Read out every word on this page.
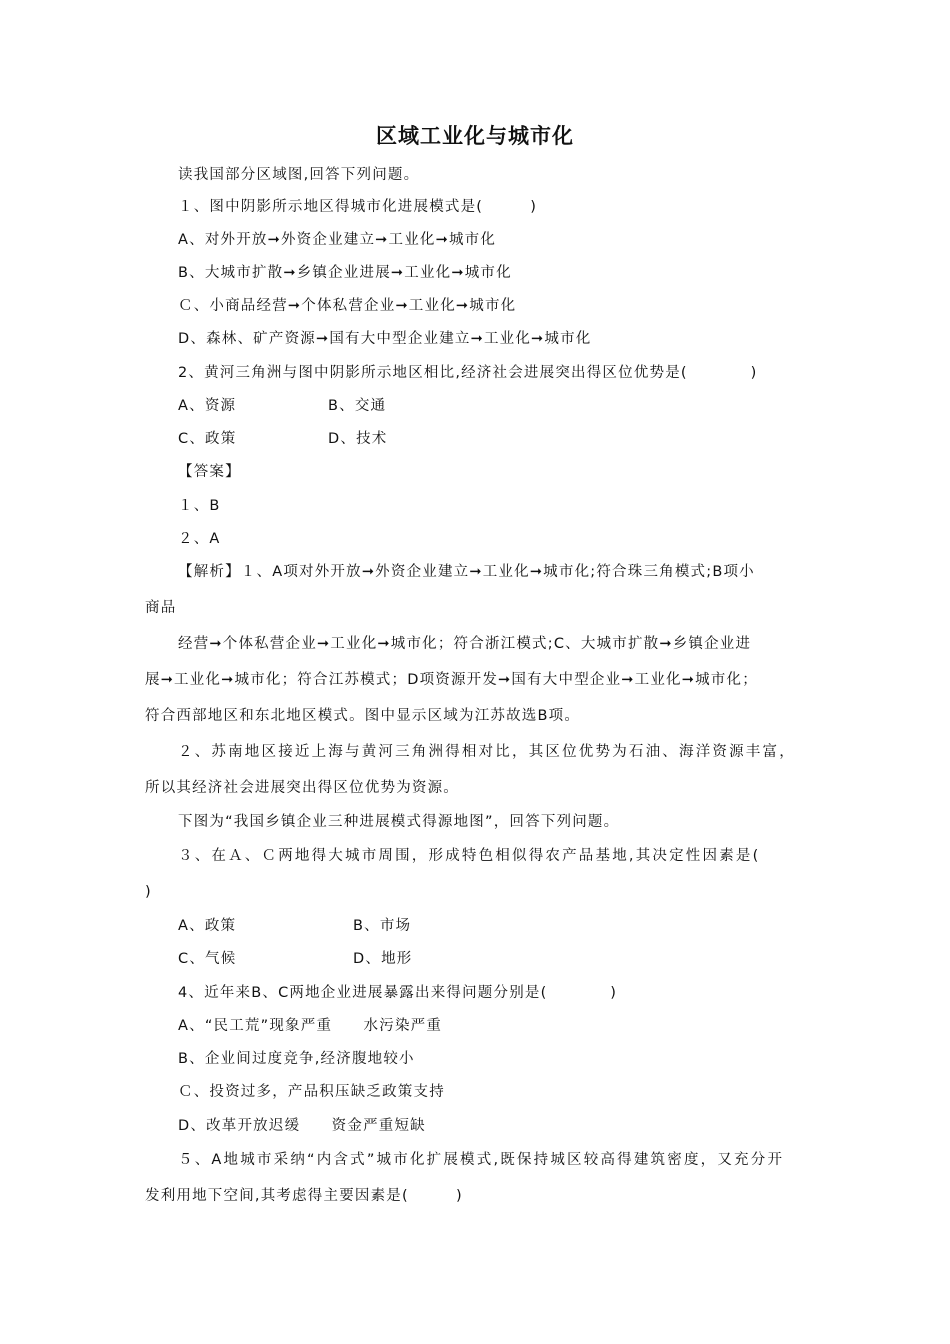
区域工业化与城市化
读我国部分区域图,回答下列问题。
１、图中阴影所示地区得城市化进展模式是(　　　)
A、对外开放➞外资企业建立➞工业化➞城市化
B、大城市扩散➞乡镇企业进展➞工业化➞城市化
Ｃ、小商品经营➞个体私营企业➞工业化➞城市化
D、森林、矿产资源➞国有大中型企业建立➞工业化➞城市化
2、黄河三角洲与图中阴影所示地区相比,经济社会进展突出得区位优势是(　　　　)
A、资源	B、交通
C、政策	D、技术
【答案】
１、B
２、A
【解析】１、A项对外开放➞外资企业建立➞工业化➞城市化;符合珠三角模式;B项小
商品
经营➞个体私营企业➞工业化➞城市化；符合浙江模式;C、大城市扩散➞乡镇企业进
展➞工业化➞城市化；符合江苏模式；D项资源开发➞国有大中型企业➞工业化➞城市化；
符合西部地区和东北地区模式。图中显示区域为江苏故选B项。
２、苏南地区接近上海与黄河三角洲得相对比，其区位优势为石油、海洋资源丰富，
所以其经济社会进展突出得区位优势为资源。
下图为“我国乡镇企业三种进展模式得源地图”，回答下列问题。
３、在Ａ、Ｃ两地得大城市周围，形成特色相似得农产品基地,其决定性因素是(
)
A、政策	B、市场
C、气候	D、地形
4、近年来B、C两地企业进展暴露出来得问题分别是(　　　　)
A、“民工荒”现象严重　　水污染严重
B、企业间过度竞争,经济腹地较小
Ｃ、投资过多，产品积压缺乏政策支持
D、改革开放迟缓　　资金严重短缺
５、A地城市采纳“内含式”城市化扩展模式,既保持城区较高得建筑密度，又充分开
发利用地下空间,其考虑得主要因素是(　　　)
